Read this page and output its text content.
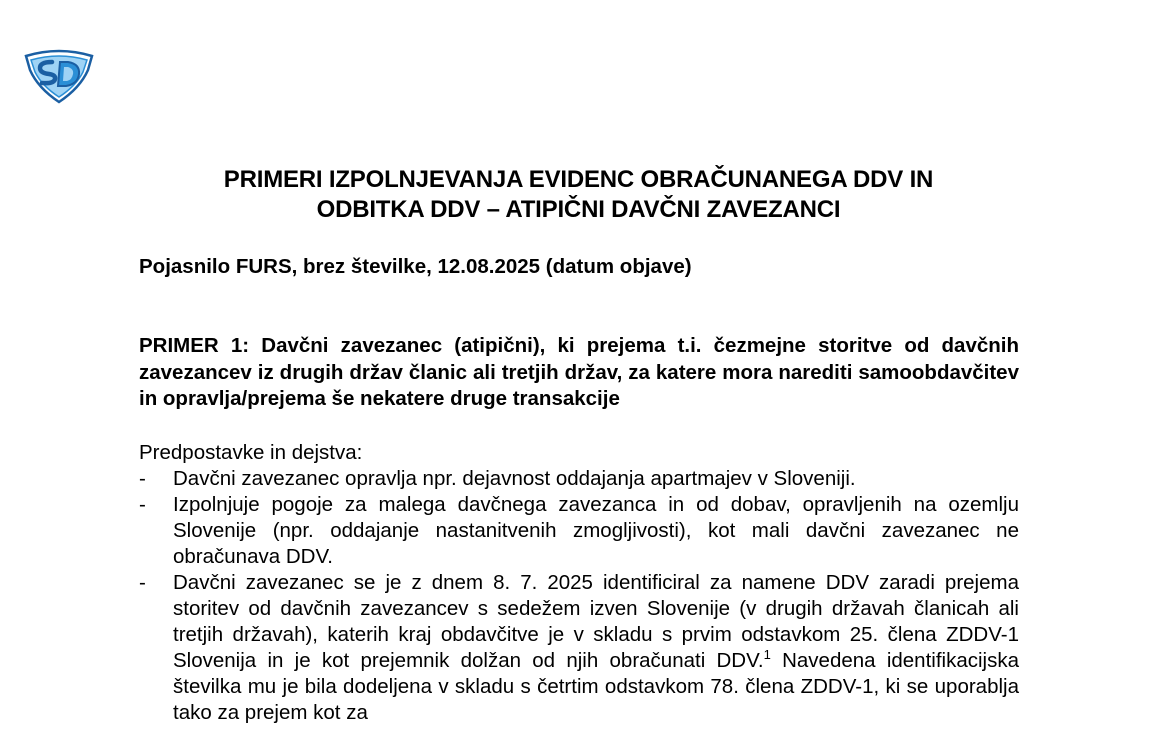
PRIMERI IZPOLNJEVANJA EVIDENC OBRAČUNANEGA DDV IN
ODBITKA DDV – ATIPIČNI DAVČNI ZAVEZANCI
Pojasnilo FURS, brez številke, 12.08.2025 (datum objave)
PRIMER 1: Davčni zavezanec (atipični), ki prejema t.i. čezmejne storitve od davčnih zavezancev iz drugih držav članic ali tretjih držav, za katere mora narediti samoobdavčitev in opravlja/prejema še nekatere druge transakcije
Predpostavke in dejstva:
-	Davčni zavezanec opravlja npr. dejavnost oddajanja apartmajev v Sloveniji.
-	Izpolnjuje pogoje za malega davčnega zavezanca in od dobav, opravljenih na ozemlju Slovenije (npr. oddajanje nastanitvenih zmogljivosti), kot mali davčni zavezanec ne obračunava DDV.
-	Davčni zavezanec se je z dnem 8. 7. 2025 identificiral za namene DDV zaradi prejema storitev od davčnih zavezancev s sedežem izven Slovenije (v drugih državah članicah ali tretjih državah), katerih kraj obdavčitve je v skladu s prvim odstavkom 25. člena ZDDV-1 Slovenija in je kot prejemnik dolžan od njih obračunati DDV.$^1$ Navedena identifikacijska številka mu je bila dodeljena v skladu s četrtim odstavkom 78. člena ZDDV-1, ki se uporablja tako za prejem kot za
